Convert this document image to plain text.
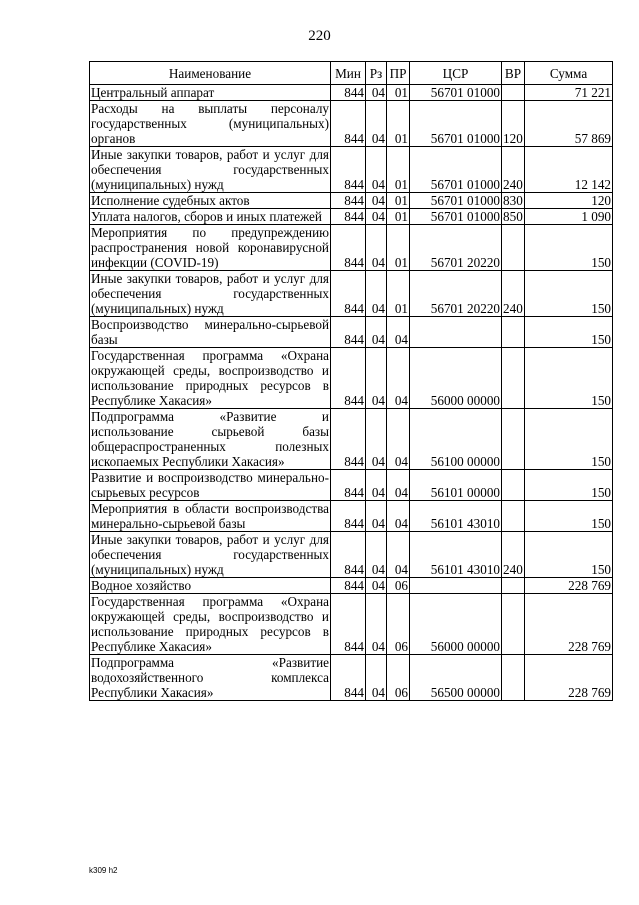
220
Наименование	Мин	Рз	ПР	ЦСР	ВР	Сумма
Центральный аппарат	844	04	01	56701 01000		71 221
Расходы на выплаты персоналу государственных (муниципальных) органов	844	04	01	56701 01000	120	57 869
Иные закупки товаров, работ и услуг для обеспечения государственных (муниципальных) нужд	844	04	01	56701 01000	240	12 142
Исполнение судебных актов	844	04	01	56701 01000	830	120
Уплата налогов, сборов и иных платежей	844	04	01	56701 01000	850	1 090
Мероприятия по предупреждению распространения новой коронавирусной инфекции (COVID-19)	844	04	01	56701 20220		150
Иные закупки товаров, работ и услуг для обеспечения государственных (муниципальных) нужд	844	04	01	56701 20220	240	150
Воспроизводство минерально-сырьевой базы	844	04	04			150
Государственная программа «Охрана окружающей среды, воспроизводство и использование природных ресурсов в Республике Хакасия»	844	04	04	56000 00000		150
Подпрограмма «Развитие и использование сырьевой базы общераспространенных полезных ископаемых Республики Хакасия»	844	04	04	56100 00000		150
Развитие и воспроизводство минерально-сырьевых ресурсов	844	04	04	56101 00000		150
Мероприятия в области воспроизводства минерально-сырьевой базы	844	04	04	56101 43010		150
Иные закупки товаров, работ и услуг для обеспечения государственных (муниципальных) нужд	844	04	04	56101 43010	240	150
Водное хозяйство	844	04	06			228 769
Государственная программа «Охрана окружающей среды, воспроизводство и использование природных ресурсов в Республике Хакасия»	844	04	06	56000 00000		228 769
Подпрограмма «Развитие водохозяйственного комплекса Республики Хакасия»	844	04	06	56500 00000		228 769
k309 h2
